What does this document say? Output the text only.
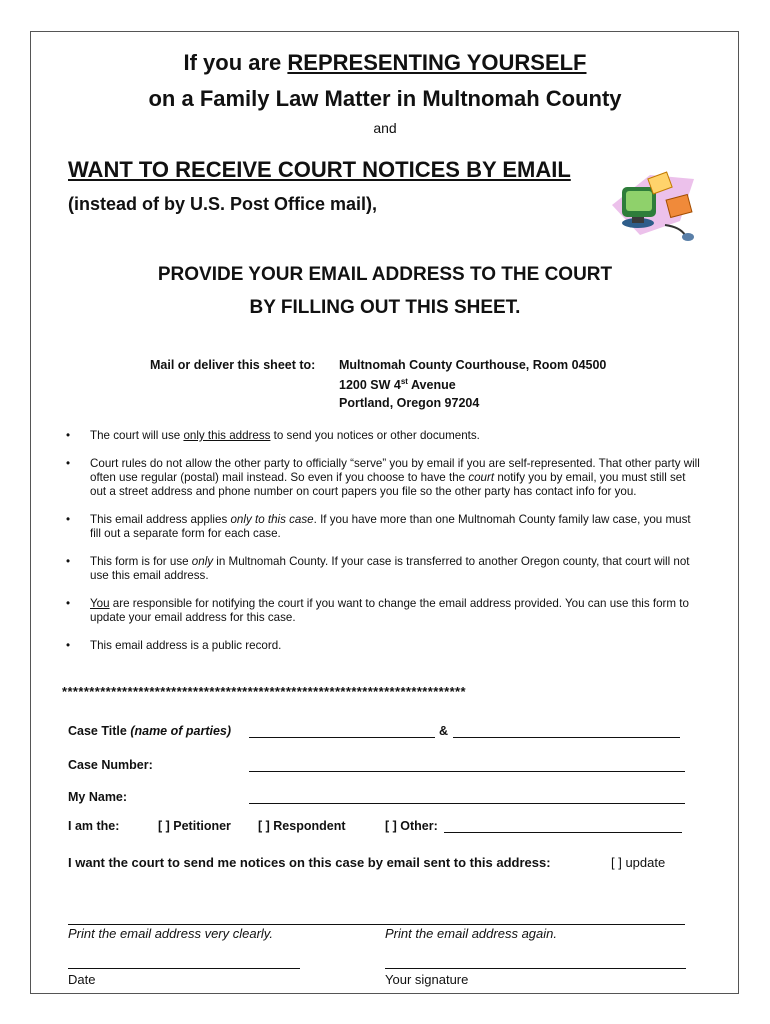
If you are REPRESENTING YOURSELF
on a Family Law Matter in Multnomah County
and
WANT TO RECEIVE COURT NOTICES BY EMAIL
(instead of by U.S. Post Office mail),
PROVIDE YOUR EMAIL ADDRESS TO THE COURT
BY FILLING OUT THIS SHEET.
Mail or deliver this sheet to: Multnomah County Courthouse, Room 04500
1200 SW 4st Avenue
Portland, Oregon 97204
• The court will use only this address to send you notices or other documents.
• Court rules do not allow the other party to officially “serve” you by email if you are self-represented. That other party will often use regular (postal) mail instead. So even if you choose to have the court notify you by email, you must still set out a street address and phone number on court papers you file so the other party has contact info for you.
• This email address applies only to this case. If you have more than one Multnomah County family law case, you must fill out a separate form for each case.
• This form is for use only in Multnomah County. If your case is transferred to another Oregon county, that court will not use this email address.
• You are responsible for notifying the court if you want to change the email address provided. You can use this form to update your email address for this case.
• This email address is a public record.
**************************************************************************
Case Title (name of parties)	&
Case Number:
My Name:
I am the:	[ ] Petitioner [ ] Respondent	[ ] Other:
I want the court to send me notices on this case by email sent to this address:	[ ] update
Print the email address very clearly.	Print the email address again.
Date	Your signature
